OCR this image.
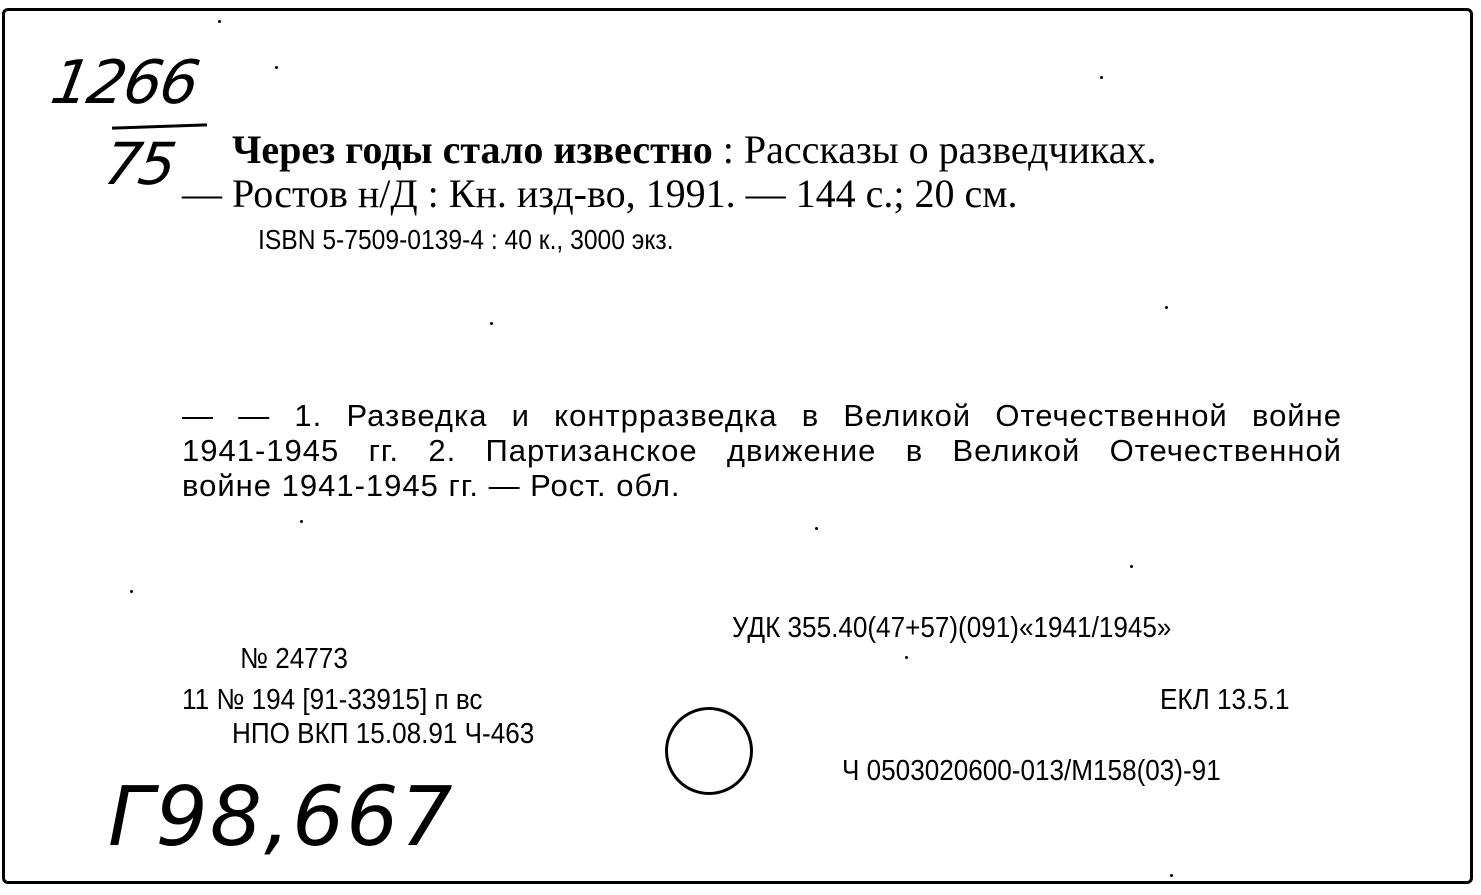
1266
75 Через годы стало известно : Рассказы о разведчиках.
— Ростов н/Д : Кн. изд-во, 1991. — 144 с.; 20 см.
ISBN 5-7509-0139-4 : 40 к., 3000 экз.
— — 1. Разведка и контрразведка в Великой Отечественной войне
1941-1945 гг. 2. Партизанское движение в Великой Отечественной
войне 1941-1945 гг. — Рост. обл.
УДК 355.40(47+57)(091)«1941/1945»
№ 24773
11 № 194 [91-33915] п вс
НПО ВКП 15.08.91 Ч-463
ЕКЛ 13.5.1
Ч 0503020600-013/М158(03)-91
Г98,667
